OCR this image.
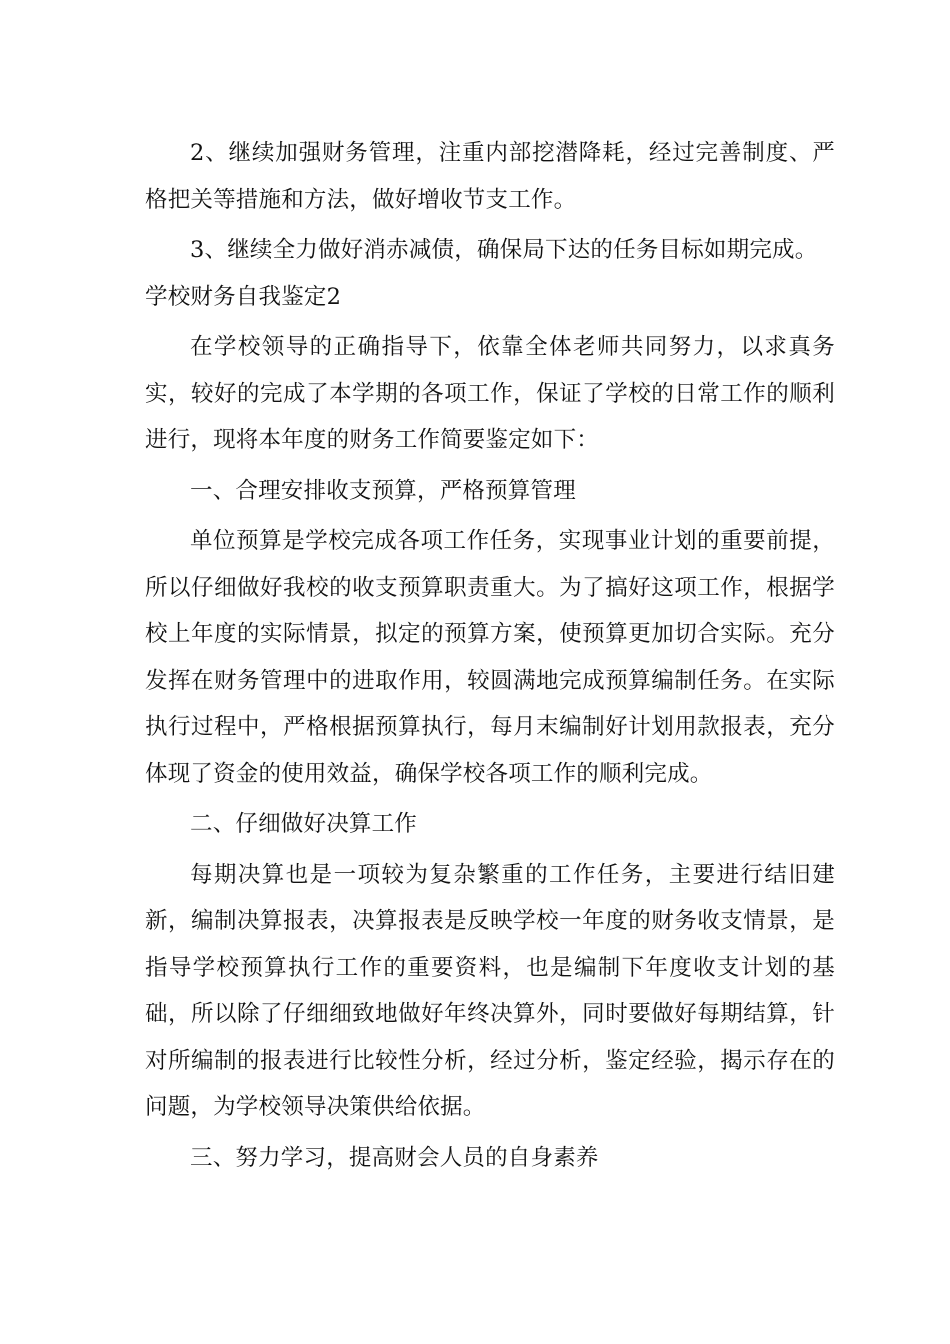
2、继续加强财务管理，注重内部挖潜降耗，经过完善制度、严格把关等措施和方法，做好增收节支工作。

3、继续全力做好消赤减债，确保局下达的任务目标如期完成。

学校财务自我鉴定2

在学校领导的正确指导下，依靠全体老师共同努力，以求真务实，较好的完成了本学期的各项工作，保证了学校的日常工作的顺利进行，现将本年度的财务工作简要鉴定如下：

一、合理安排收支预算，严格预算管理

单位预算是学校完成各项工作任务，实现事业计划的重要前提，所以仔细做好我校的收支预算职责重大。为了搞好这项工作，根据学校上年度的实际情景，拟定的预算方案，使预算更加切合实际。充分发挥在财务管理中的进取作用，较圆满地完成预算编制任务。在实际执行过程中，严格根据预算执行，每月末编制好计划用款报表，充分体现了资金的使用效益，确保学校各项工作的顺利完成。

二、仔细做好决算工作

每期决算也是一项较为复杂繁重的工作任务，主要进行结旧建新，编制决算报表，决算报表是反映学校一年度的财务收支情景，是指导学校预算执行工作的重要资料，也是编制下年度收支计划的基础，所以除了仔细细致地做好年终决算外，同时要做好每期结算，针对所编制的报表进行比较性分析，经过分析，鉴定经验，揭示存在的问题，为学校领导决策供给依据。

三、努力学习，提高财会人员的自身素养
